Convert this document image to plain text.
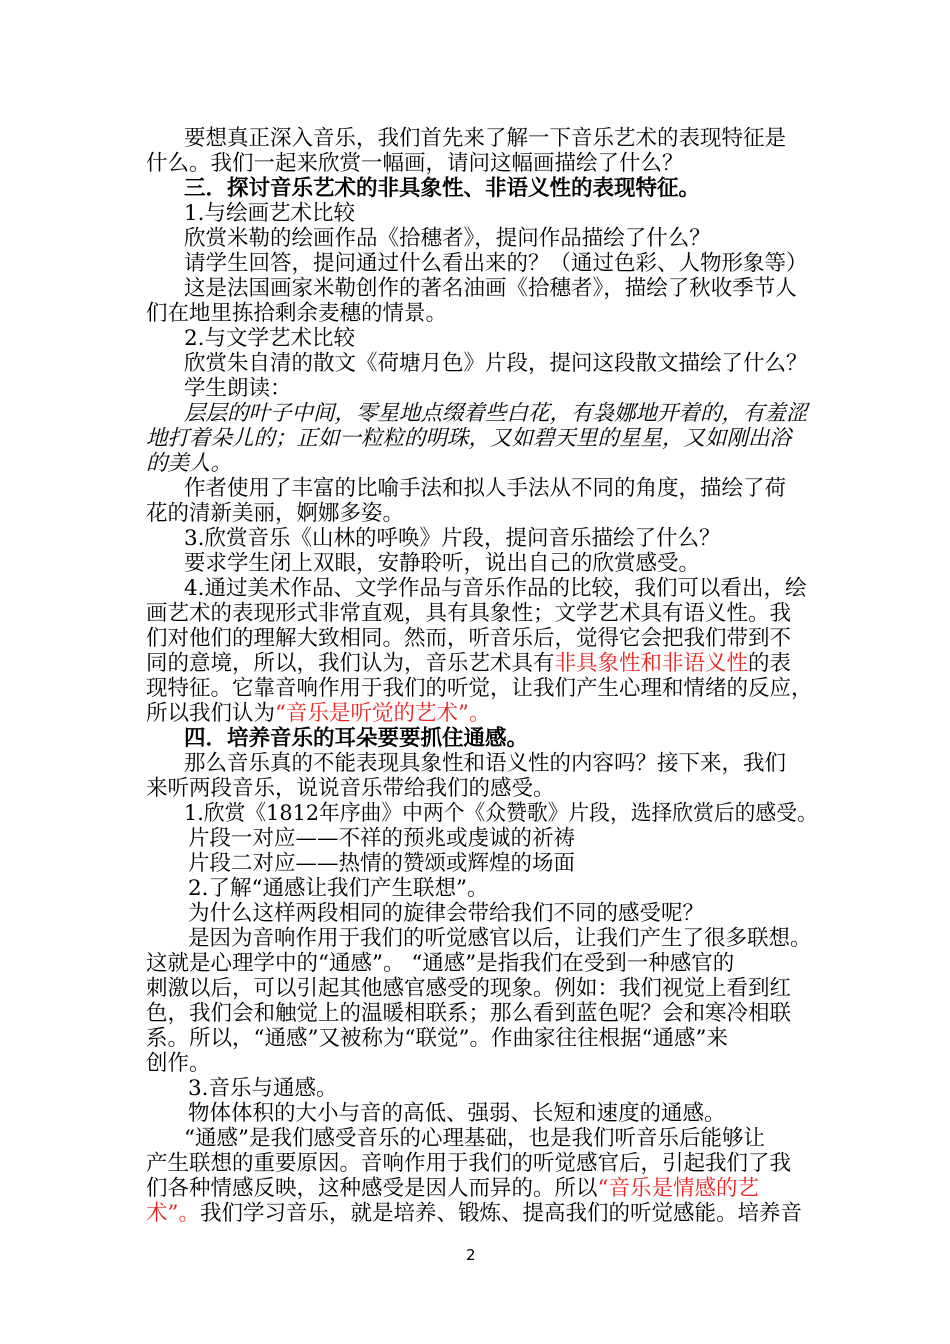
要想真正深入音乐，我们首先来了解一下音乐艺术的表现特征是
什么。我们一起来欣赏一幅画，请问这幅画描绘了什么？
三．探讨音乐艺术的非具象性、非语义性的表现特征。
1.与绘画艺术比较
欣赏米勒的绘画作品《拾穗者》，提问作品描绘了什么？
请学生回答，提问通过什么看出来的？（通过色彩、人物形象等）
这是法国画家米勒创作的著名油画《拾穗者》，描绘了秋收季节人
们在地里拣拾剩余麦穗的情景。
2.与文学艺术比较
欣赏朱自清的散文《荷塘月色》片段，提问这段散文描绘了什么？
学生朗读：
层层的叶子中间，零星地点缀着些白花，有袅娜地开着的，有羞涩
地打着朵儿的；正如一粒粒的明珠，又如碧天里的星星，又如刚出浴
的美人。
作者使用了丰富的比喻手法和拟人手法从不同的角度，描绘了荷
花的清新美丽，婀娜多姿。
3.欣赏音乐《山林的呼唤》片段，提问音乐描绘了什么？
要求学生闭上双眼，安静聆听，说出自己的欣赏感受。
4.通过美术作品、文学作品与音乐作品的比较，我们可以看出，绘
画艺术的表现形式非常直观，具有具象性；文学艺术具有语义性。我
们对他们的理解大致相同。然而，听音乐后，觉得它会把我们带到不
同的意境，所以，我们认为，音乐艺术具有非具象性和非语义性的表
现特征。它靠音响作用于我们的听觉，让我们产生心理和情绪的反应，
所以我们认为“音乐是听觉的艺术”。
四．培养音乐的耳朵要要抓住通感。
那么音乐真的不能表现具象性和语义性的内容吗？接下来，我们
来听两段音乐，说说音乐带给我们的感受。
1.欣赏《1812年序曲》中两个《众赞歌》片段，选择欣赏后的感受。
片段一对应——不祥的预兆或虔诚的祈祷
片段二对应——热情的赞颂或辉煌的场面
2.了解“通感让我们产生联想”。
为什么这样两段相同的旋律会带给我们不同的感受呢？
是因为音响作用于我们的听觉感官以后，让我们产生了很多联想。
这就是心理学中的“通感”。 “通感”是指我们在受到一种感官的
刺激以后，可以引起其他感官感受的现象。例如：我们视觉上看到红
色，我们会和触觉上的温暖相联系；那么看到蓝色呢？会和寒冷相联
系。所以，“通感”又被称为“联觉”。作曲家往往根据“通感”来
创作。
3.音乐与通感。
物体体积的大小与音的高低、强弱、长短和速度的通感。
“通感”是我们感受音乐的心理基础，也是我们听音乐后能够让
产生联想的重要原因。音响作用于我们的听觉感官后，引起我们了我
们各种情感反映，这种感受是因人而异的。所以“音乐是情感的艺
术”。我们学习音乐，就是培养、锻炼、提高我们的听觉感能。培养音
2
